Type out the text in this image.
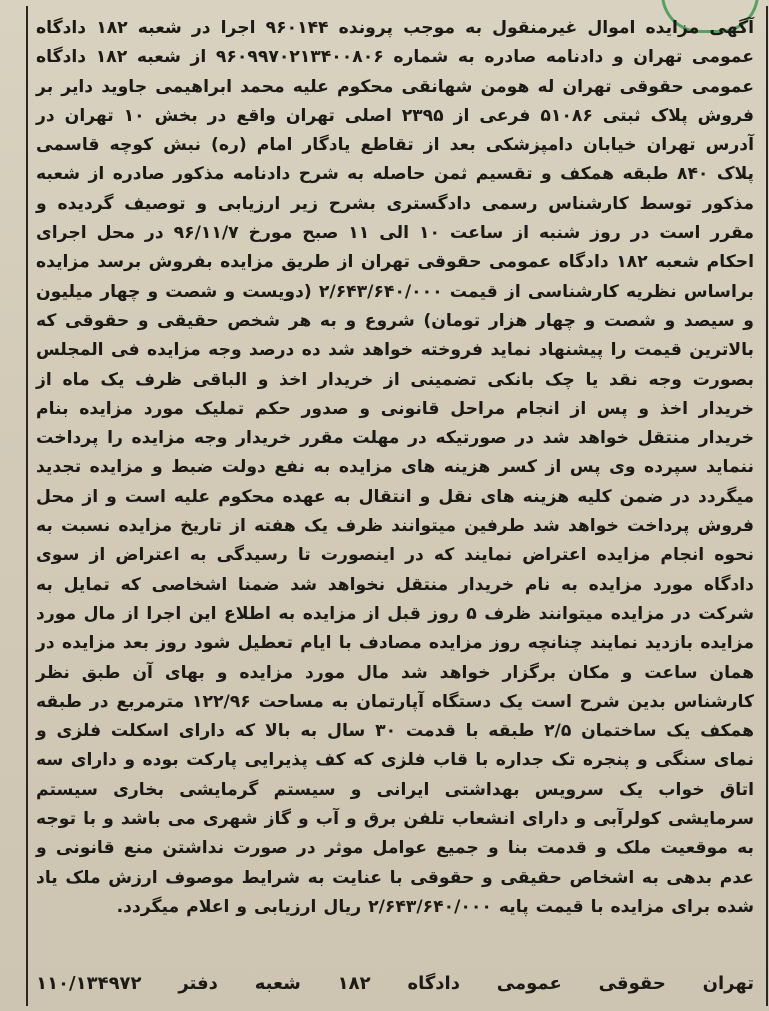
آگهی مزایده اموال غیرمنقول به موجب پرونده ۹۶۰۱۴۴ اجرا در شعبه ۱۸۲ دادگاه عمومی تهران و دادنامه صادره به شماره ۹۶۰۹۹۷۰۲۱۳۴۰۰۸۰۶ از شعبه ۱۸۲ دادگاه عمومی حقوقی تهران له هومن شهانقی محکوم علیه محمد ابراهیمی جاوید دایر بر فروش پلاک ثبتی ۵۱۰۸۶ فرعی از ۲۳۹۵ اصلی تهران واقع در بخش ۱۰ تهران در آدرس تهران خیابان دامپزشکی بعد از تقاطع یادگار امام (ره) نبش کوچه قاسمی پلاک ۸۴۰ طبقه همکف و تقسیم ثمن حاصله به شرح دادنامه مذکور صادره از شعبه مذکور توسط کارشناس رسمی دادگستری بشرح زیر ارزیابی و توصیف گردیده و مقرر است در روز شنبه از ساعت ۱۰ الی ۱۱ صبح مورخ ۹۶/۱۱/۷ در محل اجرای احکام شعبه ۱۸۲ دادگاه عمومی حقوقی تهران از طریق مزایده بفروش برسد مزایده براساس نظریه کارشناسی از قیمت ۲/۶۴۳/۶۴۰/۰۰۰ (دویست و شصت و چهار میلیون و سیصد و شصت و چهار هزار تومان) شروع و به هر شخص حقیقی و حقوقی که بالاترین قیمت را پیشنهاد نماید فروخته خواهد شد ده درصد وجه مزایده فی المجلس بصورت وجه نقد یا چک بانکی تضمینی از خریدار اخذ و الباقی ظرف یک ماه از خریدار اخذ و پس از انجام مراحل قانونی و صدور حکم تملیک مورد مزایده بنام خریدار منتقل خواهد شد در صورتیکه در مهلت مقرر خریدار وجه مزایده را پرداخت ننماید سپرده وی پس از کسر هزینه های مزایده به نفع دولت ضبط و مزایده تجدید میگردد در ضمن کلیه هزینه های نقل و انتقال به عهده محکوم علیه است و از محل فروش پرداخت خواهد شد طرفین میتوانند ظرف یک هفته از تاریخ مزایده نسبت به نحوه انجام مزایده اعتراض نمایند که در اینصورت تا رسیدگی به اعتراض از سوی دادگاه مورد مزایده به نام خریدار منتقل نخواهد شد ضمنا اشخاصی که تمایل به شرکت در مزایده میتوانند ظرف ۵ روز قبل از مزایده به اطلاع این اجرا از مال مورد مزایده بازدید نمایند چنانچه روز مزایده مصادف با ایام تعطیل شود روز بعد مزایده در همان ساعت و مکان برگزار خواهد شد مال مورد مزایده و بهای آن طبق نظر کارشناس بدین شرح است یک دستگاه آپارتمان به مساحت ۱۲۲/۹۶ مترمربع در طبقه همکف یک ساختمان ۲/۵ طبقه با قدمت ۳۰ سال به بالا که دارای اسکلت فلزی و نمای سنگی و پنجره تک جداره با قاب فلزی که کف پذیرایی پارکت بوده و دارای سه اتاق خواب یک سرویس بهداشتی ایرانی و سیستم گرمایشی بخاری سیستم سرمایشی کولرآبی و دارای انشعاب تلفن برق و آب و گاز شهری می باشد و با توجه به موقعیت ملک و قدمت بنا و جمیع عوامل موثر در صورت نداشتن منع قانونی و عدم بدهی به اشخاص حقیقی و حقوقی با عنایت به شرایط موصوف ارزش ملک یاد شده برای مزایده با قیمت پایه ۲/۶۴۳/۶۴۰/۰۰۰ ریال ارزیابی و اعلام میگردد.
تهران
حقوقی
عمومی
دادگاه
۱۸۲
شعبه
دفتر
۱۱۰/۱۳۴۹۷۲
